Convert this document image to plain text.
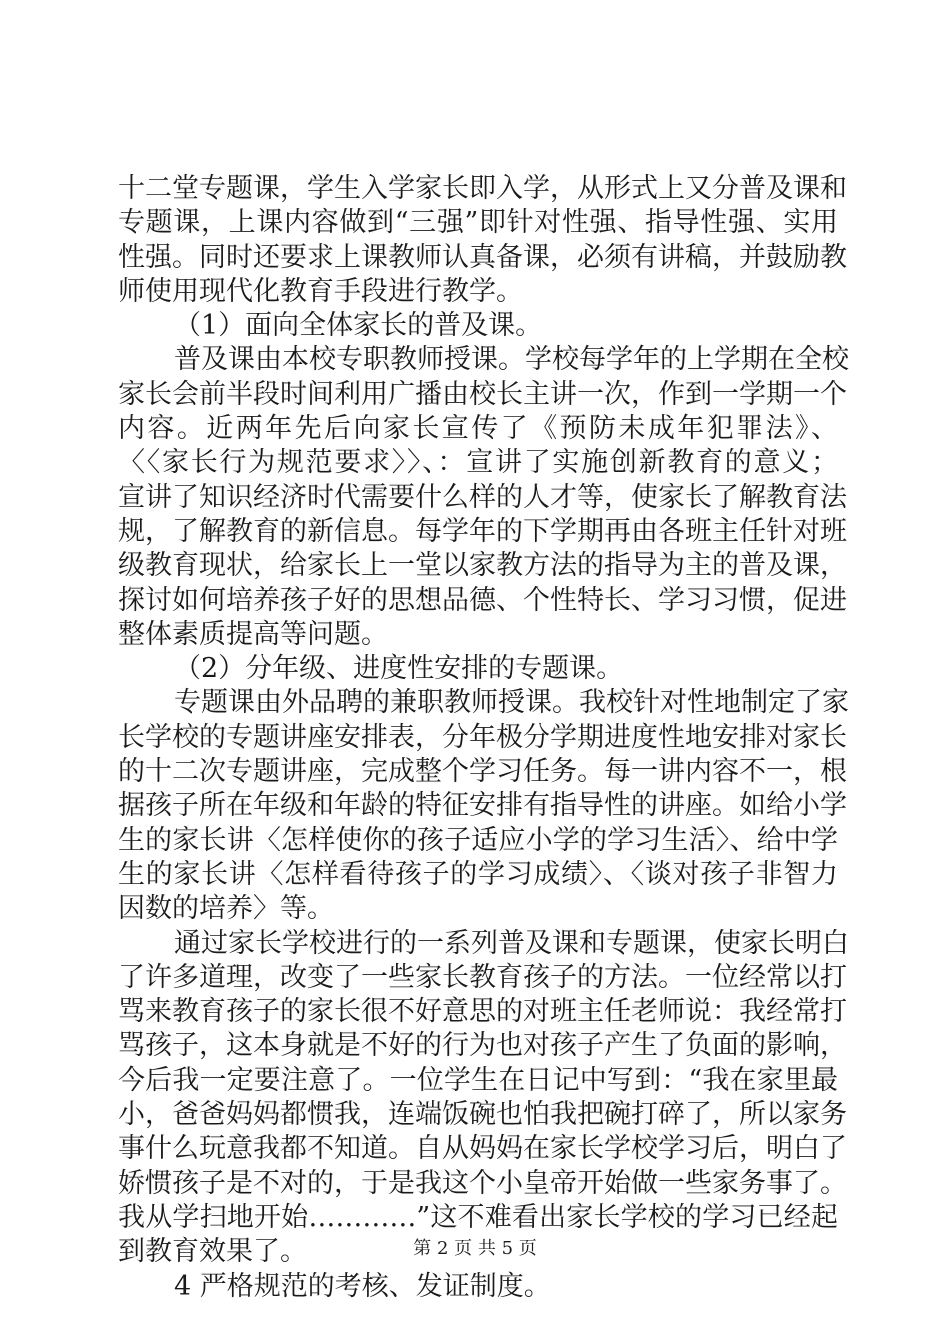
十二堂专题课，学生入学家长即入学，从形式上又分普及课和
专题课，上课内容做到“三强”即针对性强、指导性强、实用
性强。同时还要求上课教师认真备课，必须有讲稿，并鼓励教
师使用现代化教育手段进行教学。
（1）面向全体家长的普及课。
普及课由本校专职教师授课。学校每学年的上学期在全校
家长会前半段时间利用广播由校长主讲一次，作到一学期一个
内容。近两年先后向家长宣传了《预防未成年犯罪法》、
〈〈家长行为规范要求〉〉、：宣讲了实施创新教育的意义；
宣讲了知识经济时代需要什么样的人才等，使家长了解教育法
规，了解教育的新信息。每学年的下学期再由各班主任针对班
级教育现状，给家长上一堂以家教方法的指导为主的普及课，
探讨如何培养孩子好的思想品德、个性特长、学习习惯，促进
整体素质提高等问题。
（2）分年级、进度性安排的专题课。
专题课由外品聘的兼职教师授课。我校针对性地制定了家
长学校的专题讲座安排表，分年极分学期进度性地安排对家长
的十二次专题讲座，完成整个学习任务。每一讲内容不一，根
据孩子所在年级和年龄的特征安排有指导性的讲座。如给小学
生的家长讲〈怎样使你的孩子适应小学的学习生活〉、给中学
生的家长讲〈怎样看待孩子的学习成绩〉、〈谈对孩子非智力
因数的培养〉等。
通过家长学校进行的一系列普及课和专题课，使家长明白
了许多道理，改变了一些家长教育孩子的方法。一位经常以打
骂来教育孩子的家长很不好意思的对班主任老师说：我经常打
骂孩子，这本身就是不好的行为也对孩子产生了负面的影响，
今后我一定要注意了。一位学生在日记中写到：“我在家里最
小，爸爸妈妈都惯我，连端饭碗也怕我把碗打碎了，所以家务
事什么玩意我都不知道。自从妈妈在家长学校学习后，明白了
娇惯孩子是不对的，于是我这个小皇帝开始做一些家务事了。
我从学扫地开始…………”这不难看出家长学校的学习已经起
到教育效果了。
4 严格规范的考核、发证制度。
第 2 页 共 5 页
